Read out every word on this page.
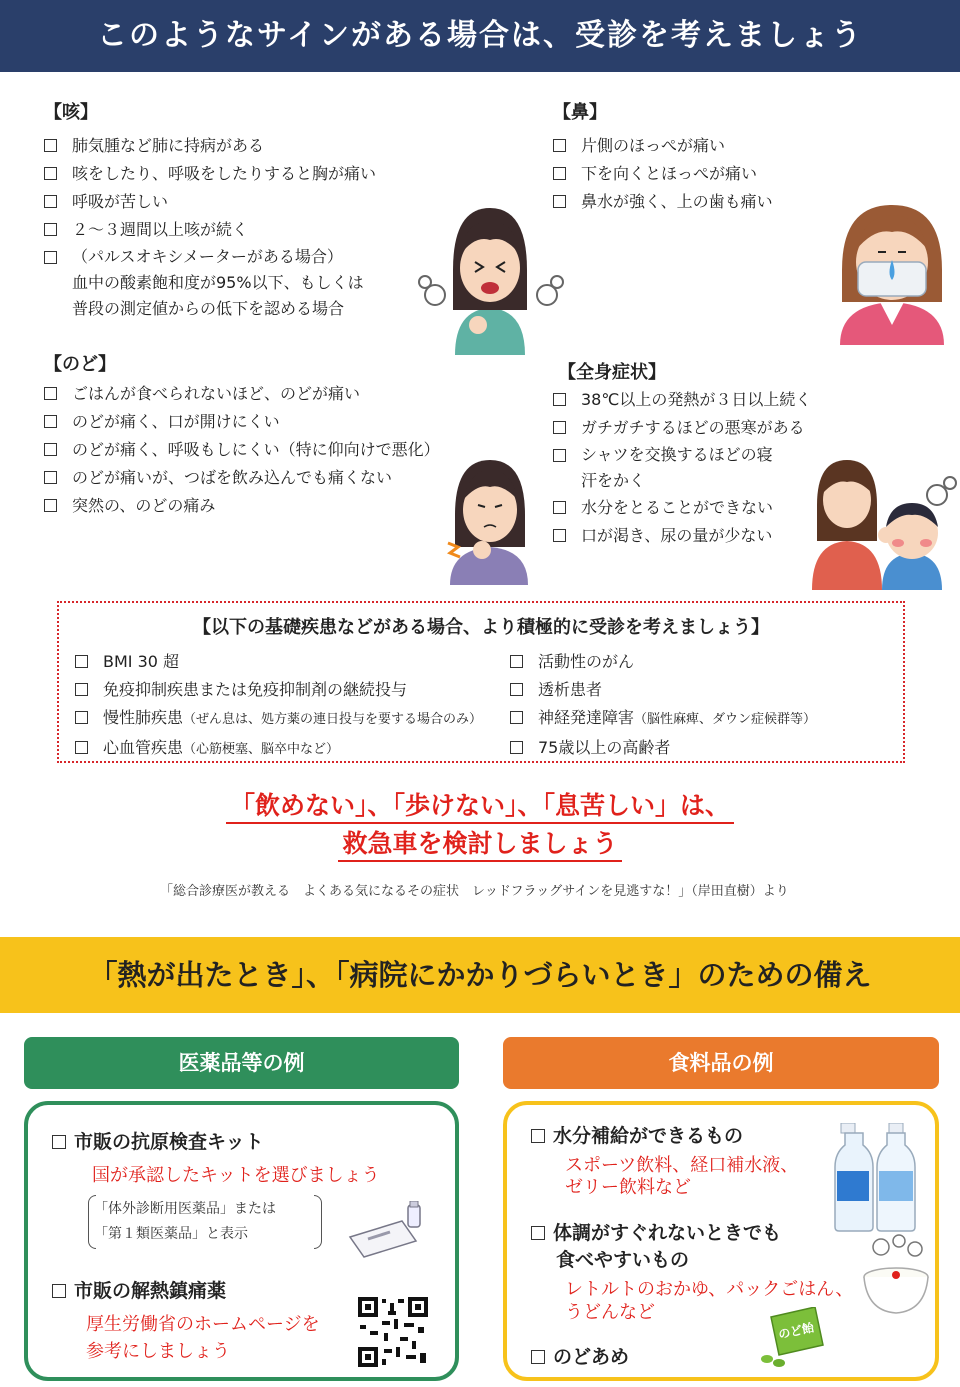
このようなサインがある場合は、受診を考えましょう
【咳】
肺気腫など肺に持病がある
咳をしたり、呼吸をしたりすると胸が痛い
呼吸が苦しい
２～３週間以上咳が続く
（パルスオキシメーターがある場合）
血中の酸素飽和度が95%以下、もしくは
普段の測定値からの低下を認める場合
【鼻】
片側のほっぺが痛い
下を向くとほっぺが痛い
鼻水が強く、上の歯も痛い
【のど】
ごはんが食べられないほど、のどが痛い
のどが痛く、口が開けにくい
のどが痛く、呼吸もしにくい（特に仰向けで悪化）
のどが痛いが、つばを飲み込んでも痛くない
突然の、のどの痛み
【全身症状】
38℃以上の発熱が３日以上続く
ガチガチするほどの悪寒がある
シャツを交換するほどの寝
汗をかく
水分をとることができない
口が渇き、尿の量が少ない
【以下の基礎疾患などがある場合、より積極的に受診を考えましょう】
BMI 30 超
免疫抑制疾患または免疫抑制剤の継続投与
慢性肺疾患（ぜん息は、処方薬の連日投与を要する場合のみ）
心血管疾患（心筋梗塞、脳卒中など）
活動性のがん
透析患者
神経発達障害（脳性麻痺、ダウン症候群等）
75歳以上の高齢者
「飲めない」、「歩けない」、「息苦しい」は、
救急車を検討しましょう
「総合診療医が教える　よくある気になるその症状　レッドフラッグサインを見逃すな！」（岸田直樹）より
「熱が出たとき」、「病院にかかりづらいとき」のための備え
医薬品等の例
市販の抗原検査キット
国が承認したキットを選びましょう
「体外診断用医薬品」または
「第１類医薬品」と表示
市販の解熱鎮痛薬
厚生労働省のホームページを
参考にしましょう
食料品の例
水分補給ができるもの
スポーツ飲料、経口補水液、
ゼリー飲料など
体調がすぐれないときでも
食べやすいもの
レトルトのおかゆ、パックごはん、
うどんなど
のどあめ
のど飴
